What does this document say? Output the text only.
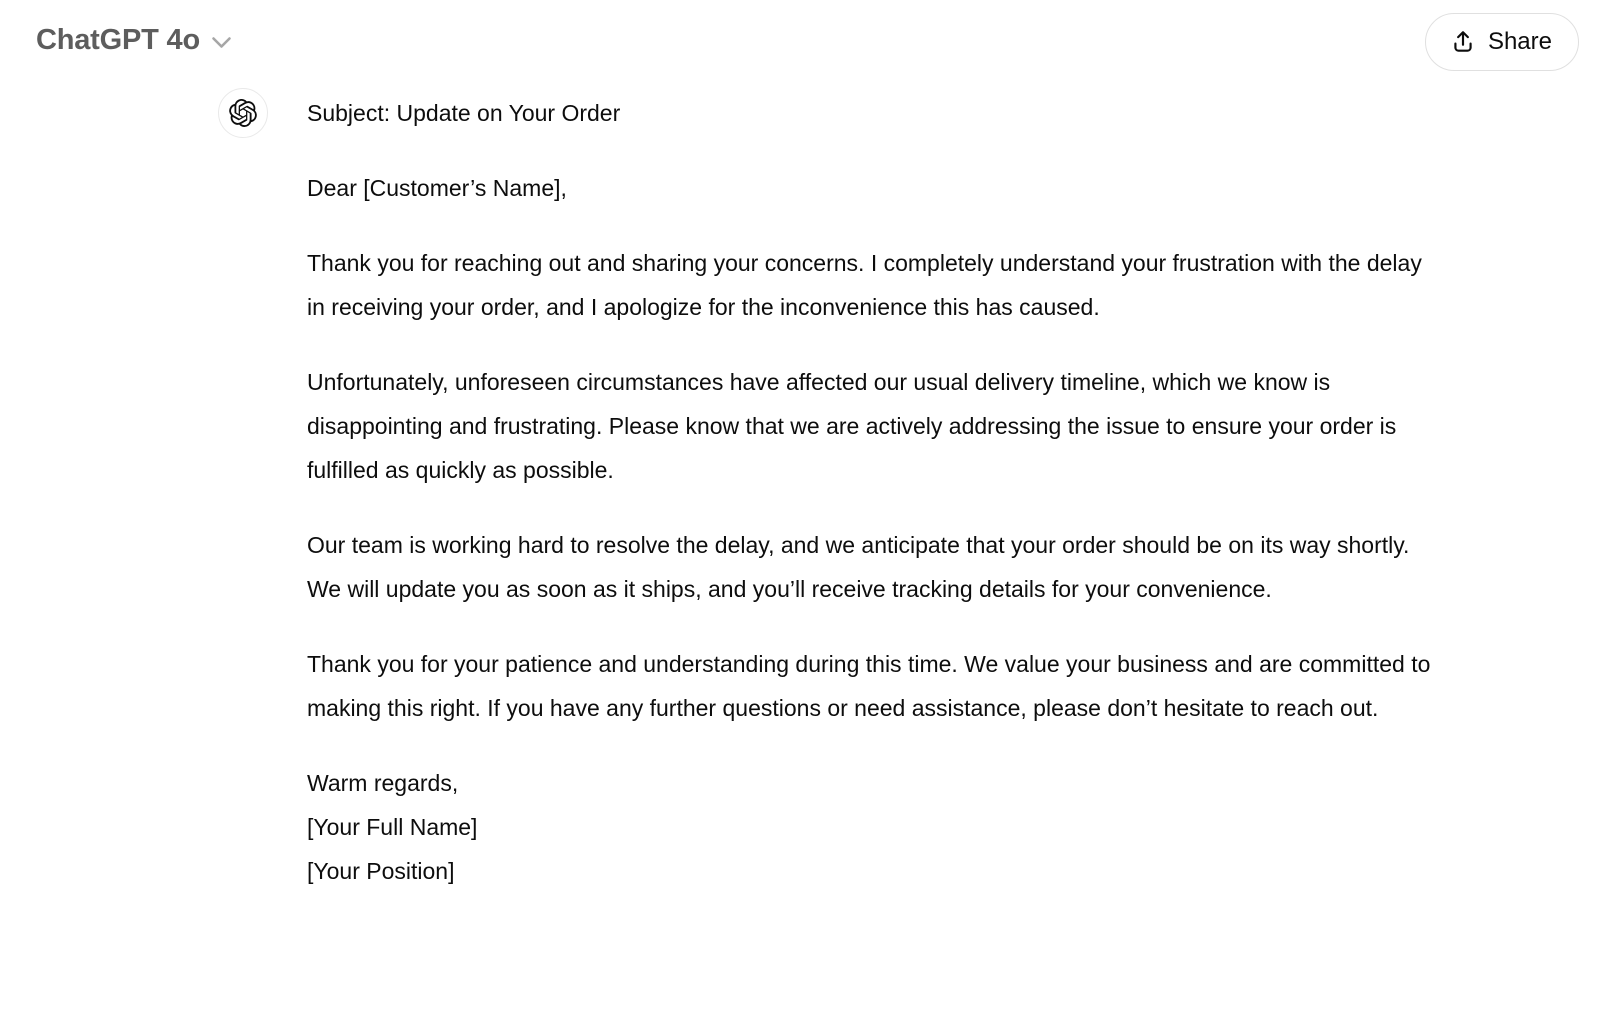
ChatGPT 4o	Share

Subject: Update on Your Order

Dear [Customer’s Name],

Thank you for reaching out and sharing your concerns. I completely understand your frustration with the delay in receiving your order, and I apologize for the inconvenience this has caused.

Unfortunately, unforeseen circumstances have affected our usual delivery timeline, which we know is disappointing and frustrating. Please know that we are actively addressing the issue to ensure your order is fulfilled as quickly as possible.

Our team is working hard to resolve the delay, and we anticipate that your order should be on its way shortly. We will update you as soon as it ships, and you’ll receive tracking details for your convenience.

Thank you for your patience and understanding during this time. We value your business and are committed to making this right. If you have any further questions or need assistance, please don’t hesitate to reach out.

Warm regards,
[Your Full Name]
[Your Position]
